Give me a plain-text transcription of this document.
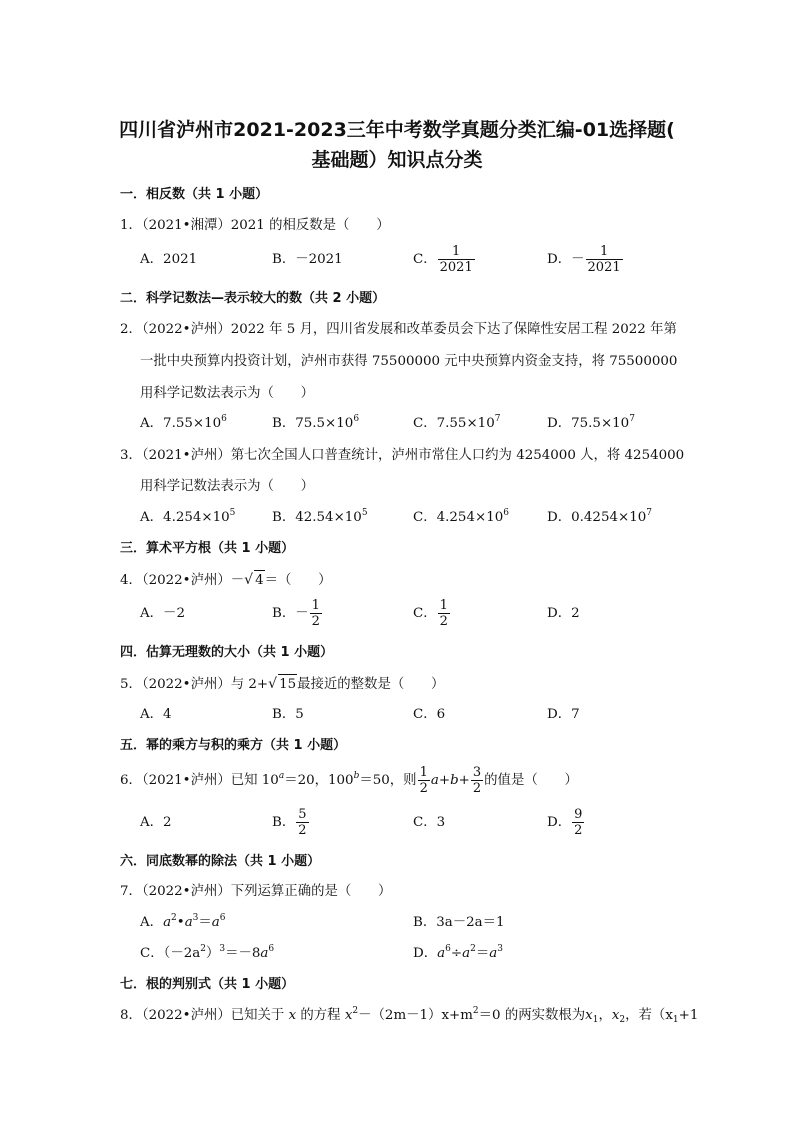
四川省泸州市2021-2023三年中考数学真题分类汇编-01选择题(
基础题）知识点分类
一．相反数（共 1 小题）
1．（2021•湘潭）2021 的相反数是（　　）
A．2021	B．－2021	C． $\frac{1}{2021}$	D．－ $\frac{1}{2021}$
二．科学记数法—表示较大的数（共 2 小题）
2．（2022•泸州）2022 年 5 月，四川省发展和改革委员会下达了保障性安居工程 2022 年第
一批中央预算内投资计划，泸州市获得 75500000 元中央预算内资金支持，将 75500000
用科学记数法表示为（　　）
A．$7.55\times 10^6$	B．$75.5\times 10^6$	C．$7.55\times 10^7$	D．$75.5\times 10^7$
3．（2021•泸州）第七次全国人口普查统计，泸州市常住人口约为 4254000 人，将 4254000
用科学记数法表示为（　　）
A．$4.254\times 10^5$	B．$42.54\times 10^5$	C．$4.254\times 10^6$	D．$0.4254\times 10^7$
三．算术平方根（共 1 小题）
4．（2022•泸州）－√ 4＝（　　）
A．－2	B．－ $\frac{1}{2}$	C． $\frac{1}{2}$	D．2
四．估算无理数的大小（共 1 小题）
5．（2022•泸州）与 2+√ 15最接近的整数是（　　）
A．4	B．5	C．6	D．7
五．幂的乘方与积的乘方（共 1 小题）
6．（2021•泸州）已知 $10^a=20$，$100^b=50$，则 $\frac{1}{2} a+b+ \frac{3}{2}$ 的值是（　　）
A．2	B． $\frac{5}{2}$	C．3	D． $\frac{9}{2}$
六．同底数幂的除法（共 1 小题）
7．（2022•泸州）下列运算正确的是（　　）
A．$a^2•a^3=a^6$	B．3a－2a＝1
C．$(-2a^2)^3=-8a^6$	D．$a^6\div a^2=a^3$
七．根的判别式（共 1 小题）
8．（2022•泸州）已知关于 x 的方程 $x^2-(2m-1)x+m^2=0$ 的两实数根为$x_1$，$x_2$，若（$x_1+1$
